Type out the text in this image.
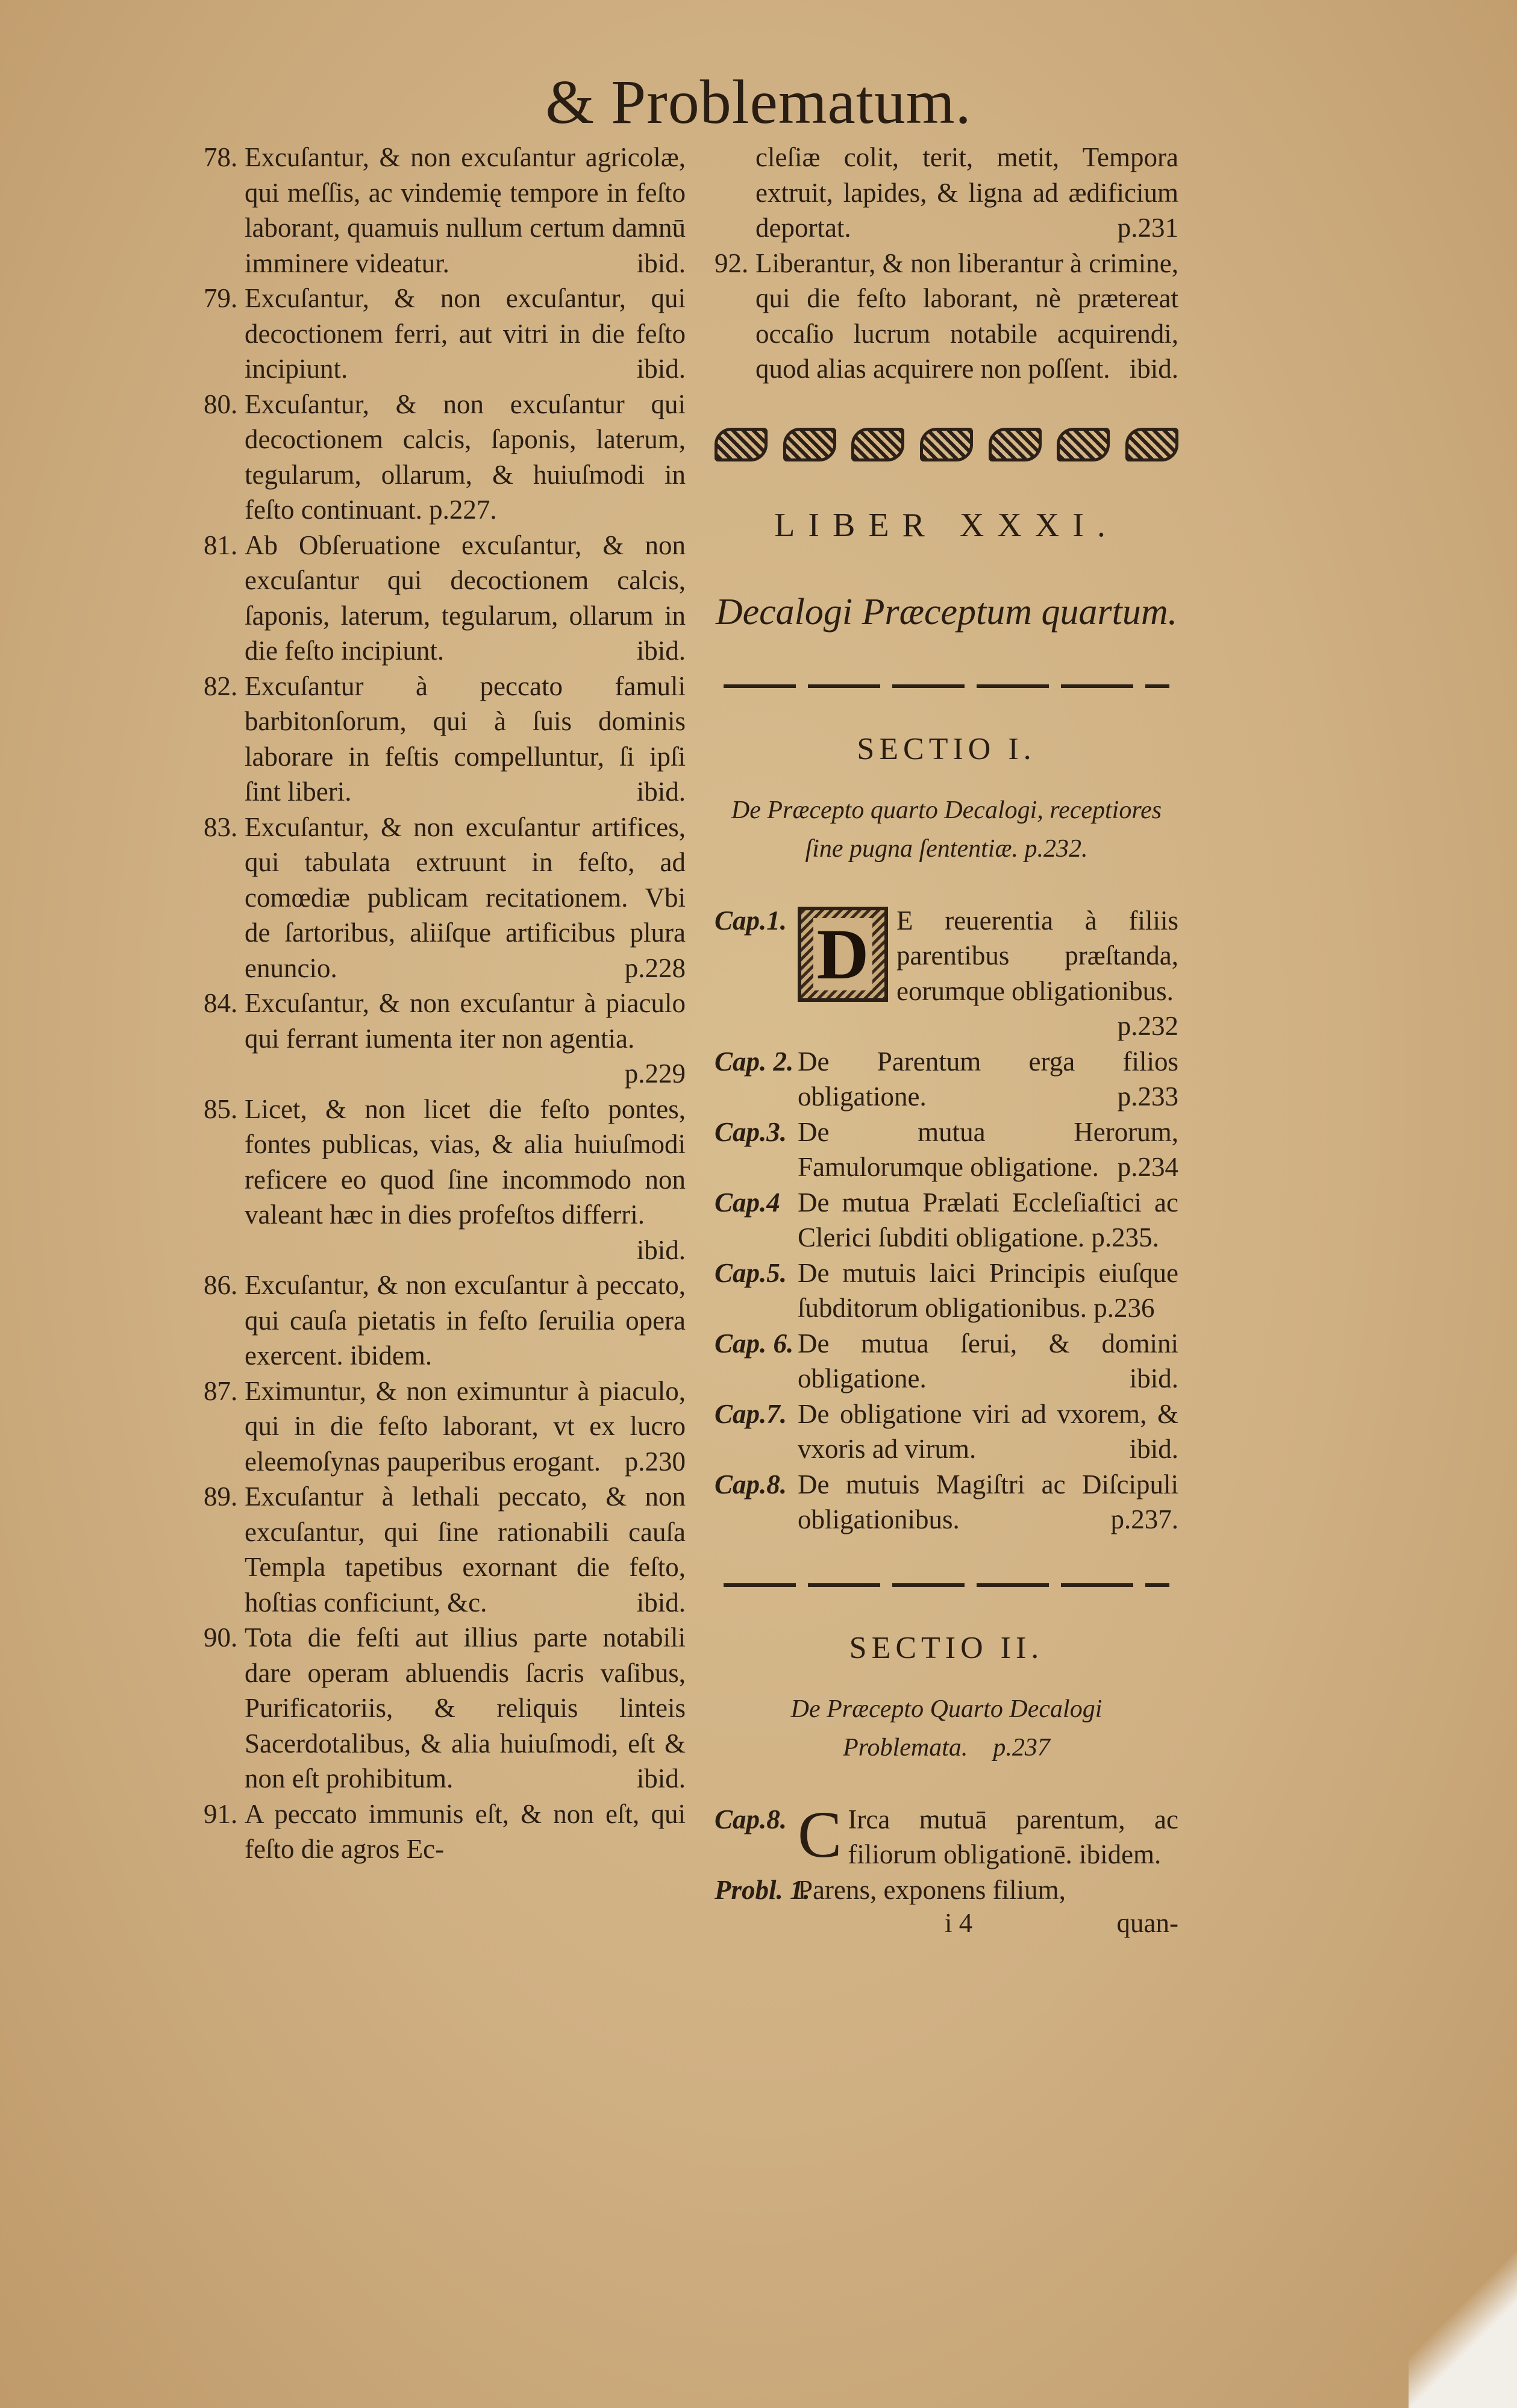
& Problematum.

78. Excuſantur, & non excuſantur agricolæ, qui meſſis, ac vindemię tempore in feſto laborant, quamuis nullum certum damnū imminere videatur.	ibid.

79. Excuſantur, & non excuſantur, qui decoctionem ferri, aut vitri in die feſto incipiunt.	ibid.

80. Excuſantur, & non excuſantur qui decoctionem calcis, ſaponis, laterum, tegularum, ollarum, & huiuſmodi in feſto continuant. p.227.

81. Ab Obſeruatione excuſantur, & non excuſantur qui decoctionem calcis, ſaponis, laterum, tegularum, ollarum in die feſto incipiunt.	ibid.

82. Excuſantur à peccato famuli barbitonſorum, qui à ſuis dominis laborare in feſtis compelluntur, ſi ipſi ſint liberi.	ibid.

83. Excuſantur, & non excuſantur artifices, qui tabulata extruunt in feſto, ad comœdiæ publicam recitationem. Vbi de ſartoribus, aliiſque artificibus plura enuncio.	p.228

84. Excuſantur, & non excuſantur à piaculo qui ferrant iumenta iter non agentia.
p.229

85. Licet, & non licet die feſto pontes, fontes publicas, vias, & alia huiuſmodi reficere eo quod ſine incommodo non valeant hæc in dies profeſtos differri.
ibid.

86. Excuſantur, & non excuſantur à peccato, qui cauſa pietatis in feſto ſeruilia opera exercent. ibidem.

87. Eximuntur, & non eximuntur à piaculo, qui in die feſto laborant, vt ex lucro eleemoſynas pauperibus erogant. p.230

89. Excuſantur à lethali peccato, & non excuſantur, qui ſine rationabili cauſa Templa tapetibus exornant die feſto, hoſtias conficiunt, &c.	ibid.

90. Tota die feſti aut illius parte notabili dare operam abluendis ſacris vaſibus, Purificatoriis, & reliquis linteis Sacerdotalibus, & alia huiuſmodi, eſt & non eſt prohibitum.	ibid.

91. A peccato immunis eſt, & non eſt, qui feſto die agros Ec-

cleſiæ colit, terit, metit, Tempora extruit, lapides, & ligna ad ædificium deportat.	p.231

92. Liberantur, & non liberantur à crimine, qui die feſto laborant, nè prætereat occaſio lucrum notabile acquirendi, quod alias acquirere non poſſent. ibid.

LIBER XXXI.
Decalogi Præceptum quartum.
SECTIO I.
De Præcepto quarto Decalogi, receptiores ſine pugna ſententiæ. p.232.
Cap.1. D E reuerentia à filiis parentibus præſtanda, eorumque obligationibus.
p.232
Cap. 2. De Parentum erga filios obligatione.	p.233
Cap.3. De mutua Herorum, Famulorumque obligatione. p.234
Cap.4 De mutua Prælati Eccleſiaſtici ac Clerici ſubditi obligatione. p.235.
Cap.5. De mutuis laici Principis eiuſque ſubditorum obligationibus. p.236
Cap. 6. De mutua ſerui, & domini obligatione.	ibid.
Cap.7. De obligatione viri ad vxorem, & vxoris ad virum.	ibid.
Cap.8. De mutuis Magiſtri ac Diſcipuli obligationibus.	p.237.
SECTIO II.
De Præcepto Quarto Decalogi Problemata. p.237
Cap.8. C Irca mutuā parentum, ac filiorum obligationē. ibidem.
Probl. 1.
Parens, exponens filium,
i 4	quan-
